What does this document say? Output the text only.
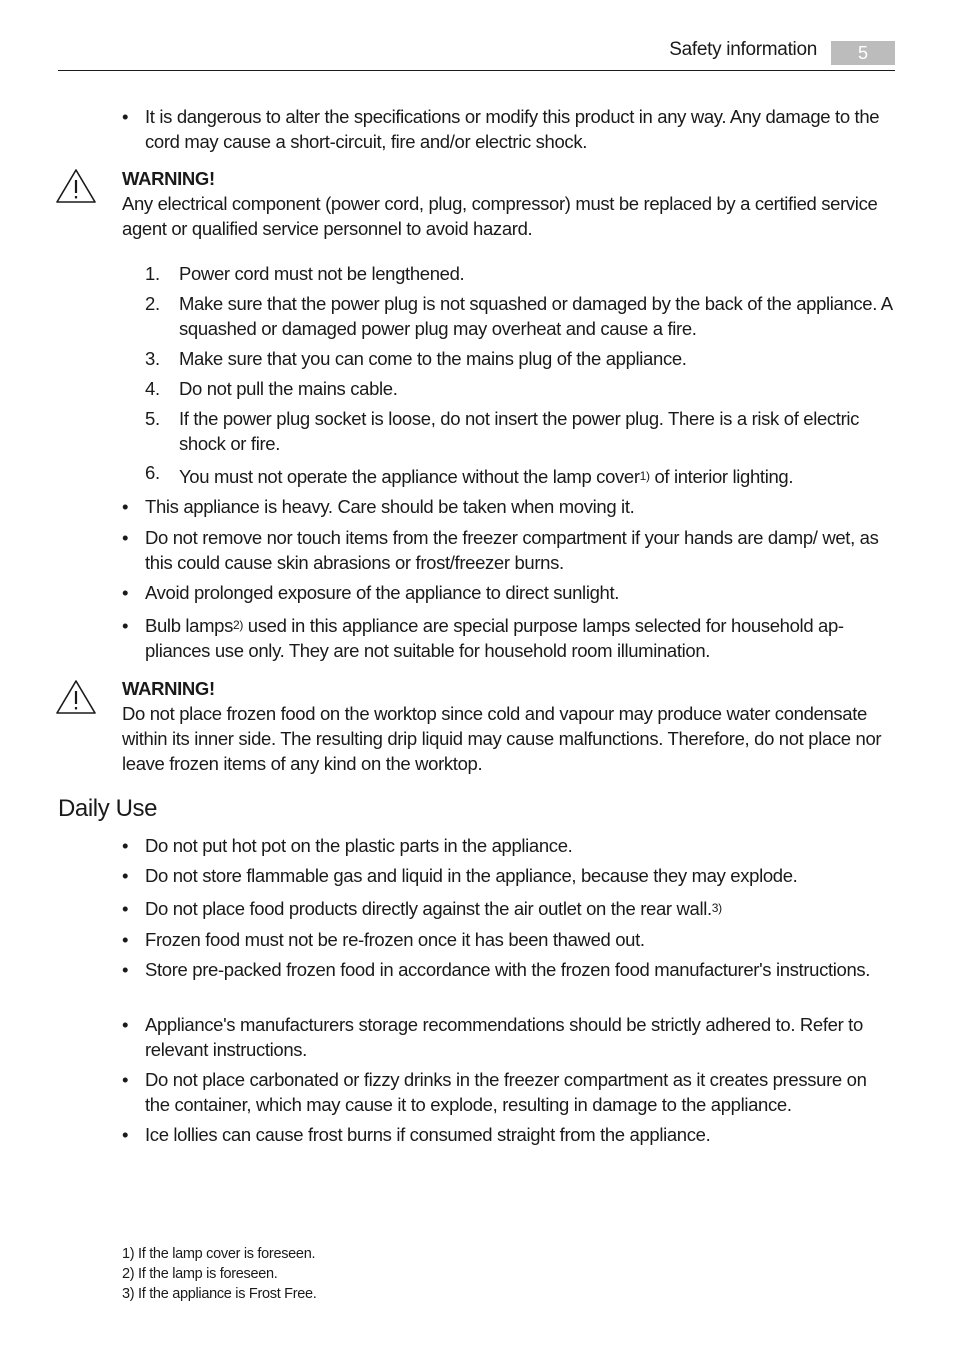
Safety information	5
• It is dangerous to alter the specifications or modify this product in any way. Any damage to the cord may cause a short-circuit, fire and/or electric shock.
WARNING!
Any electrical component (power cord, plug, compressor) must be replaced by a certified service agent or qualified service personnel to avoid hazard.
1. Power cord must not be lengthened.
2. Make sure that the power plug is not squashed or damaged by the back of the appliance. A squashed or damaged power plug may overheat and cause a fire.
3. Make sure that you can come to the mains plug of the appliance.
4. Do not pull the mains cable.
5. If the power plug socket is loose, do not insert the power plug. There is a risk of electric shock or fire.
6. You must not operate the appliance without the lamp cover$^{1)}$ of interior lighting.
• This appliance is heavy. Care should be taken when moving it.
• Do not remove nor touch items from the freezer compartment if your hands are damp/ wet, as this could cause skin abrasions or frost/freezer burns.
• Avoid prolonged exposure of the appliance to direct sunlight.
• Bulb lamps$^{2)}$ used in this appliance are special purpose lamps selected for household appliances use only. They are not suitable for household room illumination.
WARNING!
Do not place frozen food on the worktop since cold and vapour may produce water condensate within its inner side. The resulting drip liquid may cause malfunctions. Therefore, do not place nor leave frozen items of any kind on the worktop.
Daily Use
• Do not put hot pot on the plastic parts in the appliance.
• Do not store flammable gas and liquid in the appliance, because they may explode.
• Do not place food products directly against the air outlet on the rear wall.$^{3)}$
• Frozen food must not be re-frozen once it has been thawed out.
• Store pre-packed frozen food in accordance with the frozen food manufacturer's instructions.
• Appliance's manufacturers storage recommendations should be strictly adhered to. Refer to relevant instructions.
• Do not place carbonated or fizzy drinks in the freezer compartment as it creates pressure on the container, which may cause it to explode, resulting in damage to the appliance.
• Ice lollies can cause frost burns if consumed straight from the appliance.
1) If the lamp cover is foreseen.
2) If the lamp is foreseen.
3) If the appliance is Frost Free.
